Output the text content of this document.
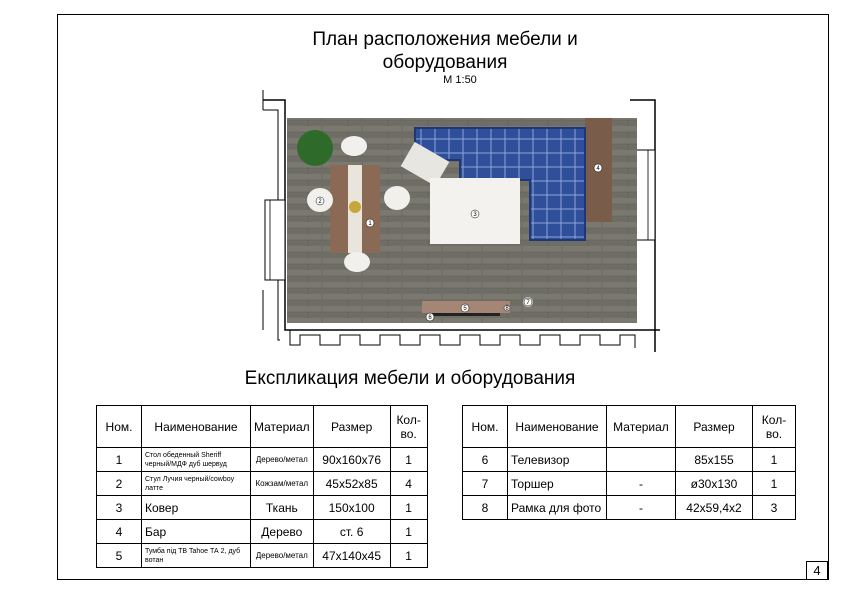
4
План расположения мебели и
оборудования
М 1:50
1
2
3
4
5
6
7
8
Експликация мебели и оборудования
Ном.	Наименование	Материал	Размер	Кол-во.
1	Стол обеденный Sheriff черный/МДФ дуб шервуд	Дерево/метал	90x160x76	1
2	Стул Лучия черный/cowboy латте	Кожзам/метал	45x52x85	4
3	Ковер	Ткань	150x100	1
4	Бар	Дерево	ст. 6	1
5	Тумба під ТВ Tahoe ТА 2, дуб вотан	Дерево/метал	47x140x45	1
Ном.	Наименование	Материал	Размер	Кол-во.
6	Телевизор		85x155	1
7	Торшер	-	ø30x130	1
8	Рамка для фото	-	42x59,4x2	3
